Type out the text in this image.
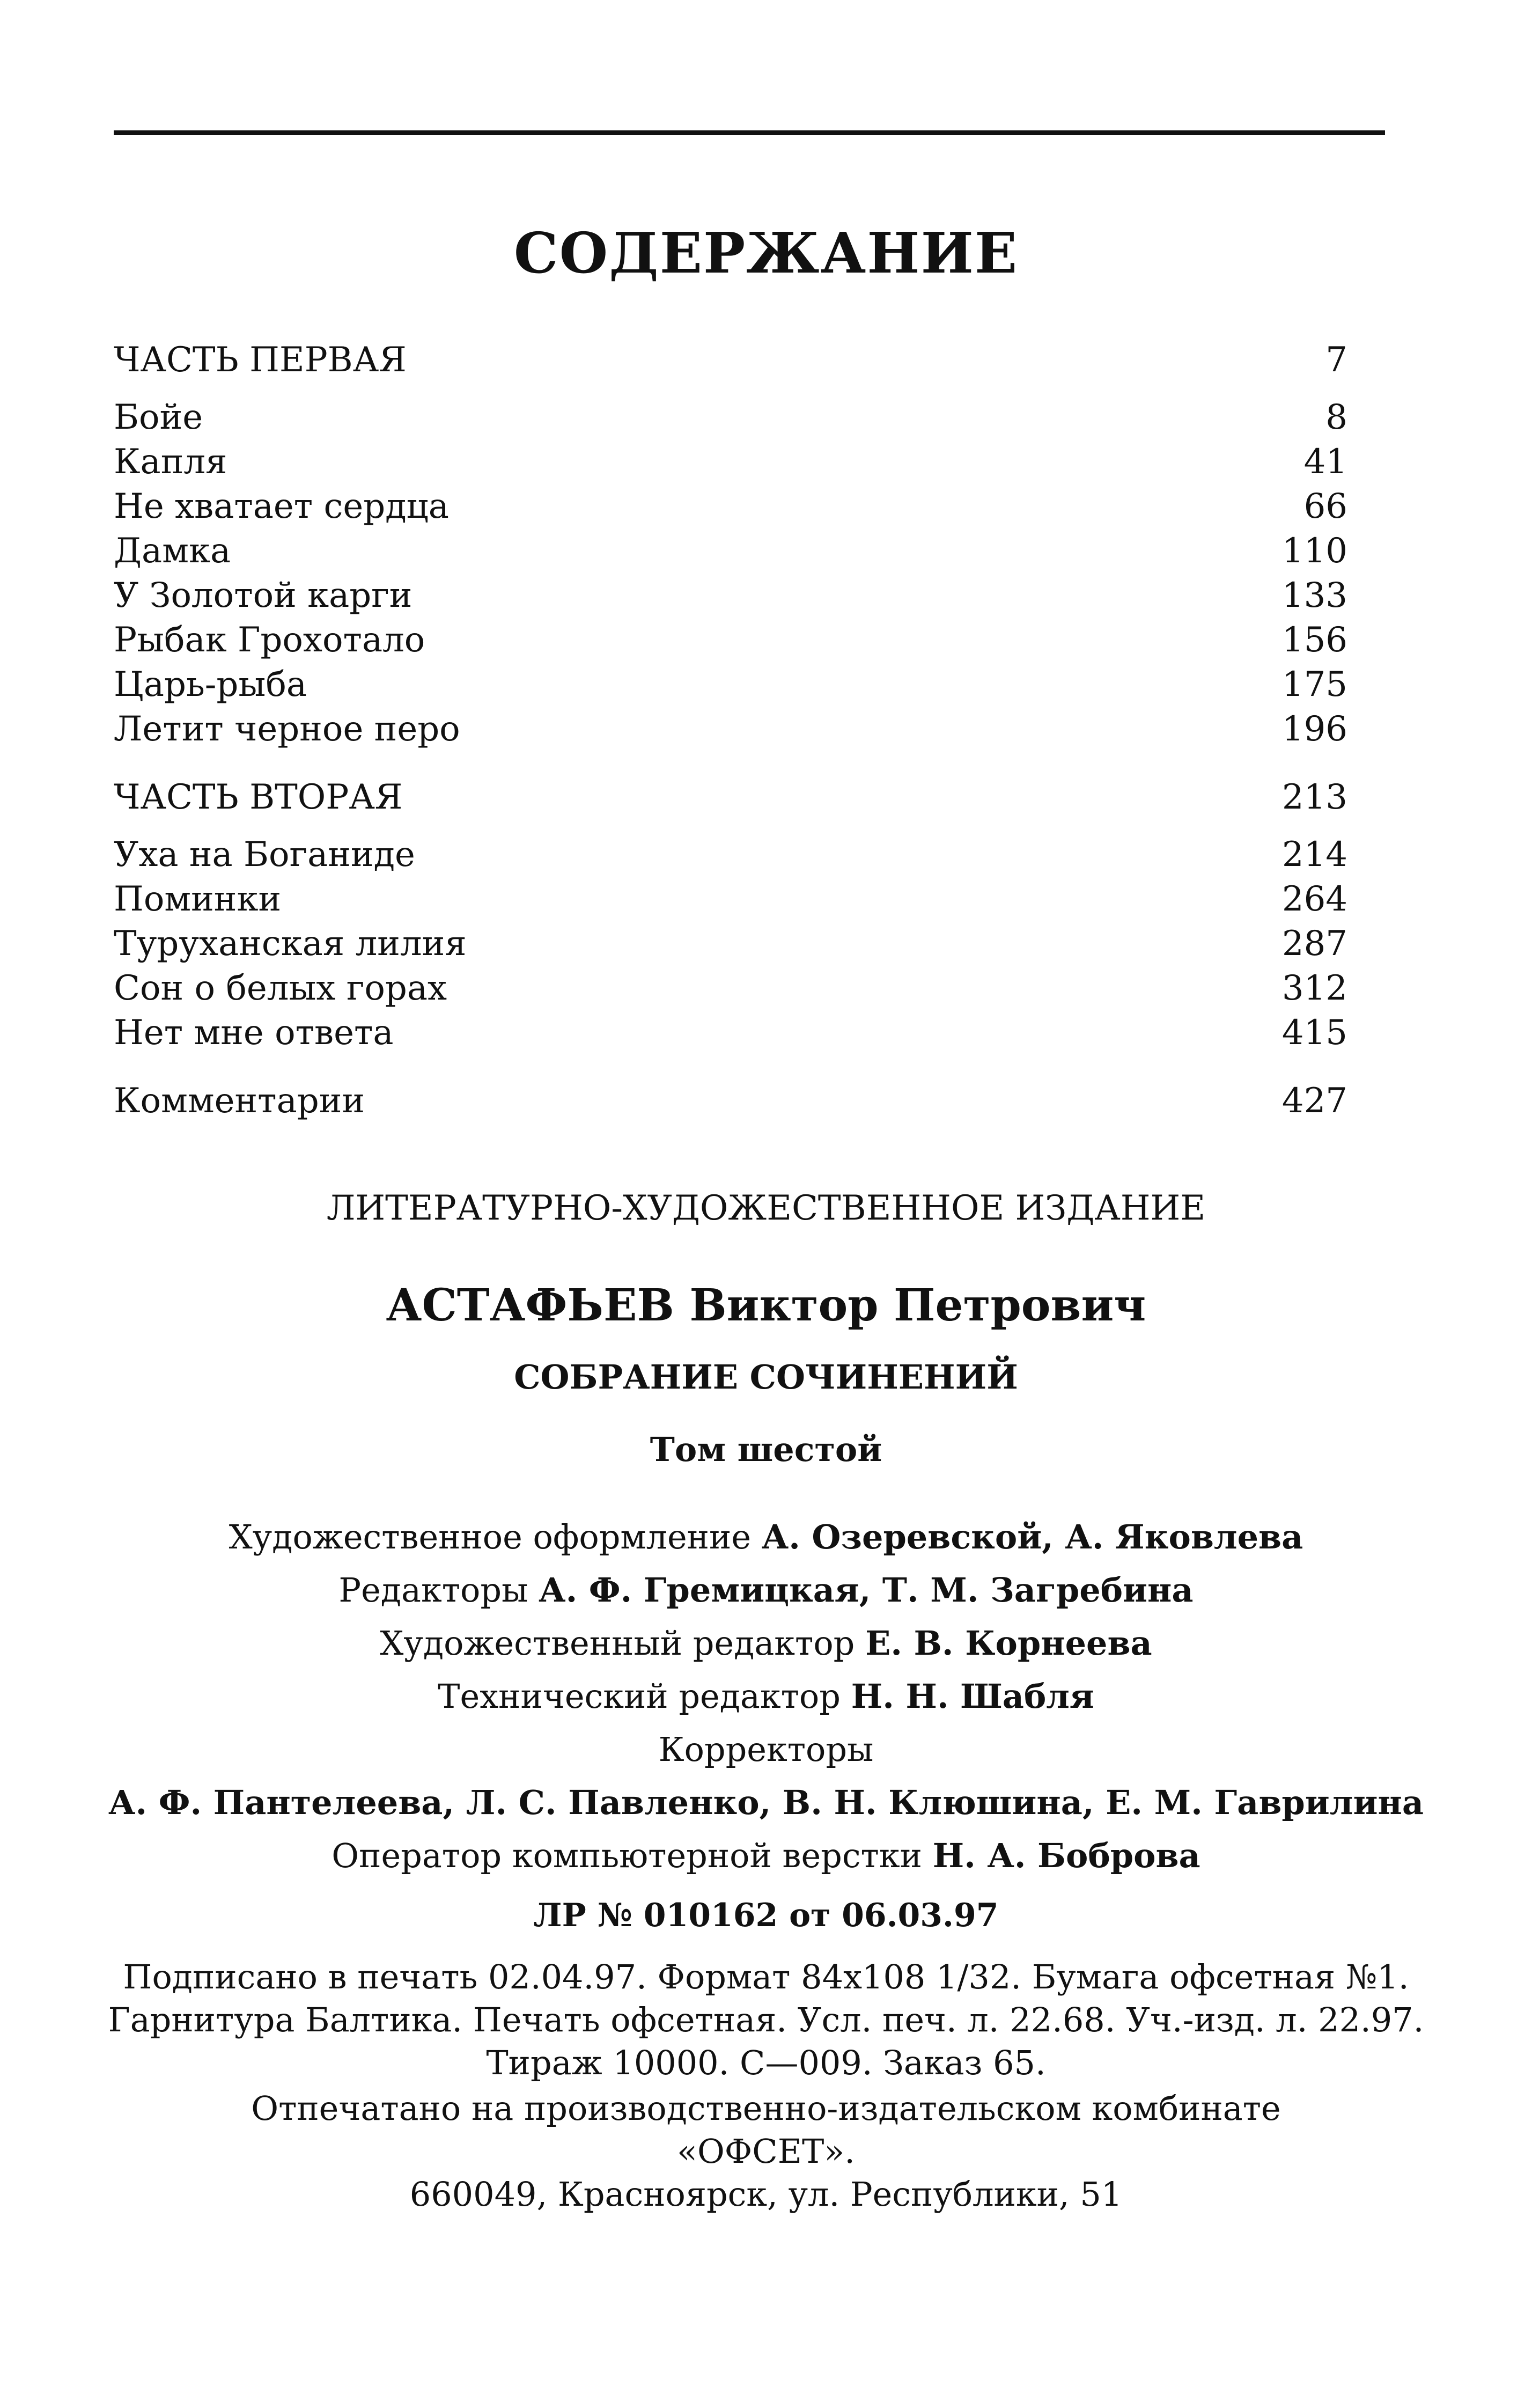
СОДЕРЖАНИЕ
ЧАСТЬ ПЕРВАЯ	7
Бойе	8
Капля	41
Не хватает сердца	66
Дамка	110
У Золотой карги	133
Рыбак Грохотало	156
Царь-рыба	175
Летит черное перо	196
ЧАСТЬ ВТОРАЯ	213
Уха на Боганиде	214
Поминки	264
Туруханская лилия	287
Сон о белых горах	312
Нет мне ответа	415
Комментарии	427
ЛИТЕРАТУРНО-ХУДОЖЕСТВЕННОЕ ИЗДАНИЕ
АСТАФЬЕВ Виктор Петрович
СОБРАНИЕ СОЧИНЕНИЙ
Том шестой
Художественное оформление А. Озеревской, А. Яковлева
Редакторы А. Ф. Гремицкая, Т. М. Загребина
Художественный редактор Е. В. Корнеева
Технический редактор Н. Н. Шабля
Корректоры
А. Ф. Пантелеева, Л. С. Павленко, В. Н. Клюшина, Е. М. Гаврилина
Оператор компьютерной верстки Н. А. Боброва
ЛР № 010162 от 06.03.97
Подписано в печать 02.04.97. Формат 84x108 1/32. Бумага офсетная №1.
Гарнитура Балтика. Печать офсетная. Усл. печ. л. 22.68. Уч.-изд. л. 22.97.
Тираж 10000. С—009. Заказ 65.
Отпечатано на производственно-издательском комбинате
«ОФСЕТ».
660049, Красноярск, ул. Республики, 51
